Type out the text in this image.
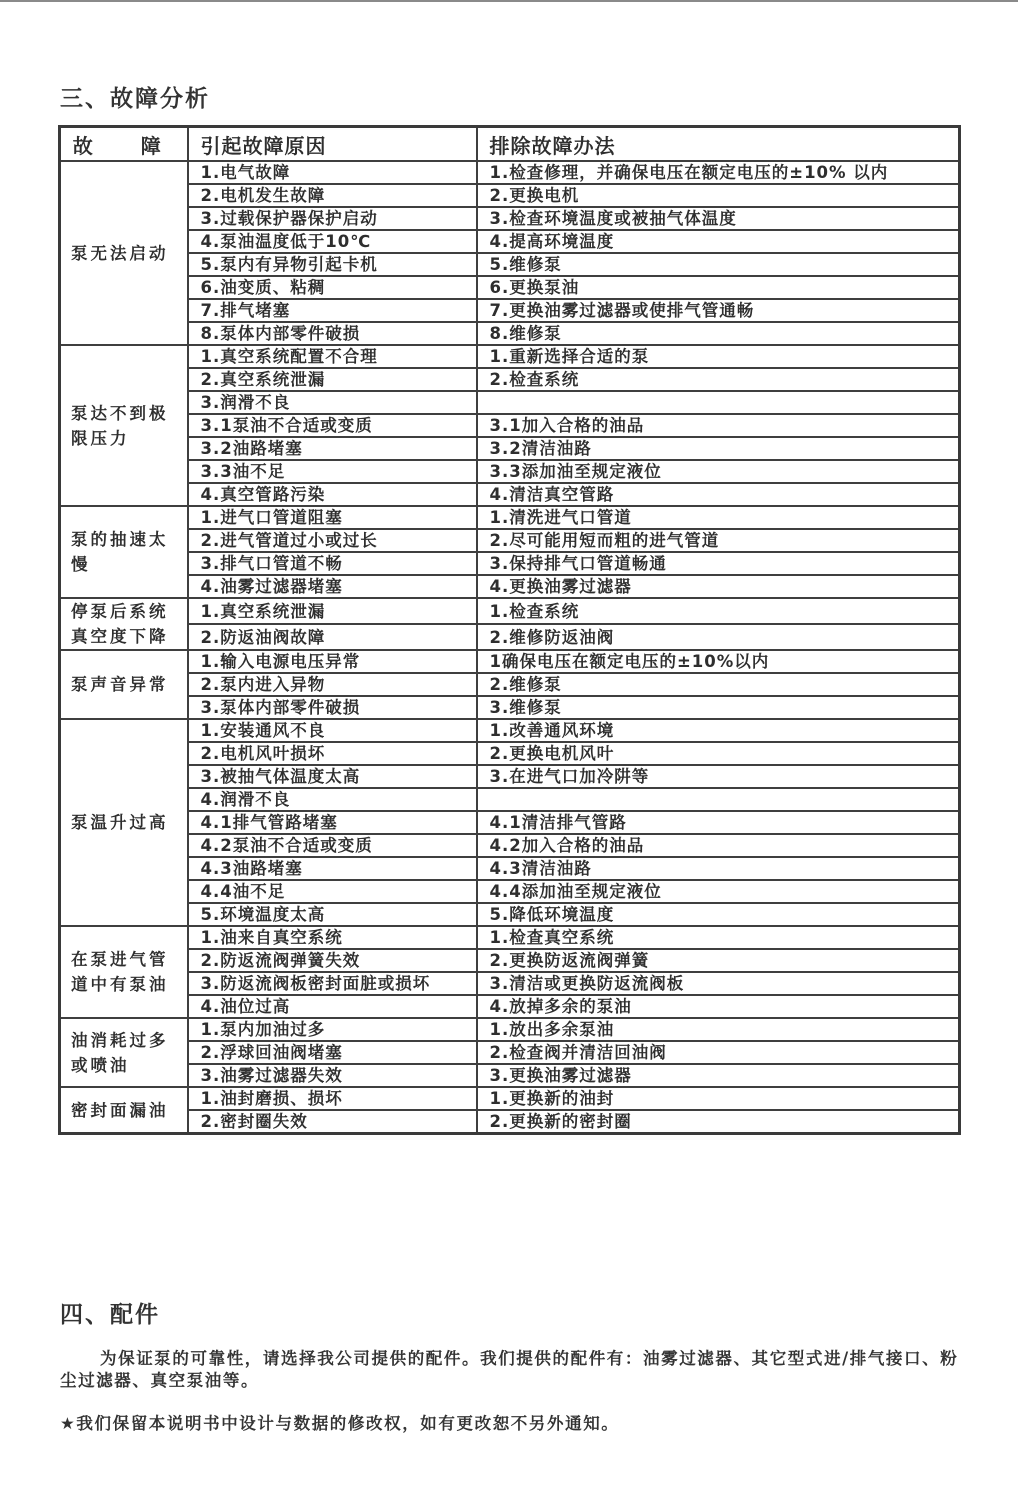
三、故障分析
故　障	引起故障原因	排除故障办法
泵无法启动	1.电气故障	1.检查修理，并确保电压在额定电压的±10% 以内
	2.电机发生故障	2.更换电机
	3.过载保护器保护启动	3.检查环境温度或被抽气体温度
	4.泵油温度低于10℃	4.提高环境温度
	5.泵内有异物引起卡机	5.维修泵
	6.油变质、粘稠	6.更换泵油
	7.排气堵塞	7.更换油雾过滤器或使排气管通畅
	8.泵体内部零件破损	8.维修泵
泵达不到极限压力	1.真空系统配置不合理	1.重新选择合适的泵
	2.真空系统泄漏	2.检查系统
	3.润滑不良	
	3.1泵油不合适或变质	3.1加入合格的油品
	3.2油路堵塞	3.2清洁油路
	3.3油不足	3.3添加油至规定液位
	4.真空管路污染	4.清洁真空管路
泵的抽速太慢	1.进气口管道阻塞	1.清洗进气口管道
	2.进气管道过小或过长	2.尽可能用短而粗的进气管道
	3.排气口管道不畅	3.保持排气口管道畅通
	4.油雾过滤器堵塞	4.更换油雾过滤器
停泵后系统真空度下降	1.真空系统泄漏	1.检查系统
	2.防返油阀故障	2.维修防返油阀
泵声音异常	1.输入电源电压异常	1确保电压在额定电压的±10%以内
	2.泵内进入异物	2.维修泵
	3.泵体内部零件破损	3.维修泵
泵温升过高	1.安装通风不良	1.改善通风环境
	2.电机风叶损坏	2.更换电机风叶
	3.被抽气体温度太高	3.在进气口加冷阱等
	4.润滑不良	
	4.1排气管路堵塞	4.1清洁排气管路
	4.2泵油不合适或变质	4.2加入合格的油品
	4.3油路堵塞	4.3清洁油路
	4.4油不足	4.4添加油至规定液位
	5.环境温度太高	5.降低环境温度
在泵进气管道中有泵油	1.油来自真空系统	1.检查真空系统
	2.防返流阀弹簧失效	2.更换防返流阀弹簧
	3.防返流阀板密封面脏或损坏	3.清洁或更换防返流阀板
	4.油位过高	4.放掉多余的泵油
油消耗过多或喷油	1.泵内加油过多	1.放出多余泵油
	2.浮球回油阀堵塞	2.检查阀并清洁回油阀
	3.油雾过滤器失效	3.更换油雾过滤器
密封面漏油	1.油封磨损、损坏	1.更换新的油封
	2.密封圈失效	2.更换新的密封圈
四、配件
为保证泵的可靠性，请选择我公司提供的配件。我们提供的配件有：油雾过滤器、其它型式进/排气接口、粉尘过滤器、真空泵油等。
★我们保留本说明书中设计与数据的修改权，如有更改恕不另外通知。
